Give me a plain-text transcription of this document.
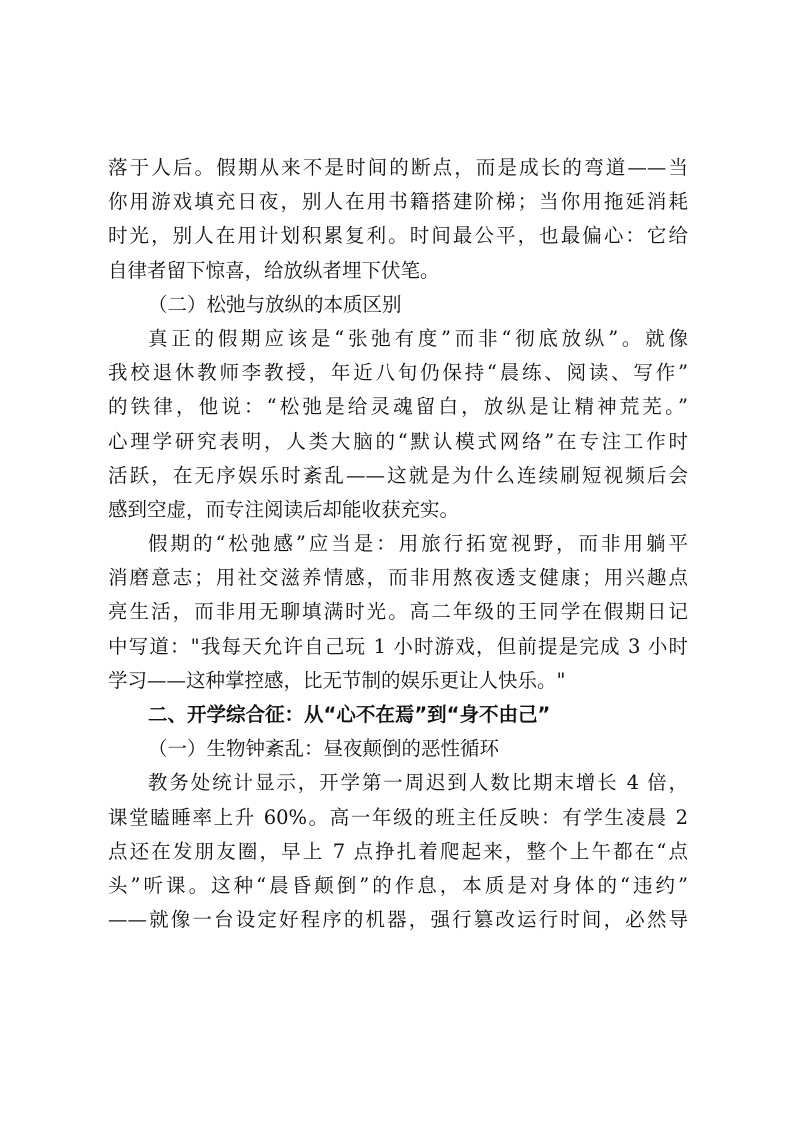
落于人后。假期从来不是时间的断点，而是成长的弯道——当
你用游戏填充日夜，别人在用书籍搭建阶梯；当你用拖延消耗
时光，别人在用计划积累复利。时间最公平，也最偏心：它给
自律者留下惊喜，给放纵者埋下伏笔。
（二）松弛与放纵的本质区别
真正的假期应该是“张弛有度”而非“彻底放纵”。就像
我校退休教师李教授，年近八旬仍保持“晨练、阅读、写作”
的铁律，他说：“松弛是给灵魂留白，放纵是让精神荒芜。”
心理学研究表明，人类大脑的“默认模式网络”在专注工作时
活跃，在无序娱乐时紊乱——这就是为什么连续刷短视频后会
感到空虚，而专注阅读后却能收获充实。
假期的“松弛感”应当是：用旅行拓宽视野，而非用躺平
消磨意志；用社交滋养情感，而非用熬夜透支健康；用兴趣点
亮生活，而非用无聊填满时光。高二年级的王同学在假期日记
中写道："我每天允许自己玩 1 小时游戏，但前提是完成 3 小时
学习——这种掌控感，比无节制的娱乐更让人快乐。"
二、开学综合征：从“心不在焉”到“身不由己”
（一）生物钟紊乱：昼夜颠倒的恶性循环
教务处统计显示，开学第一周迟到人数比期末增长 4 倍，
课堂瞌睡率上升 60%。高一年级的班主任反映：有学生凌晨 2
点还在发朋友圈，早上 7 点挣扎着爬起来，整个上午都在“点
头”听课。这种“晨昏颠倒”的作息，本质是对身体的“违约”
——就像一台设定好程序的机器，强行篡改运行时间，必然导
